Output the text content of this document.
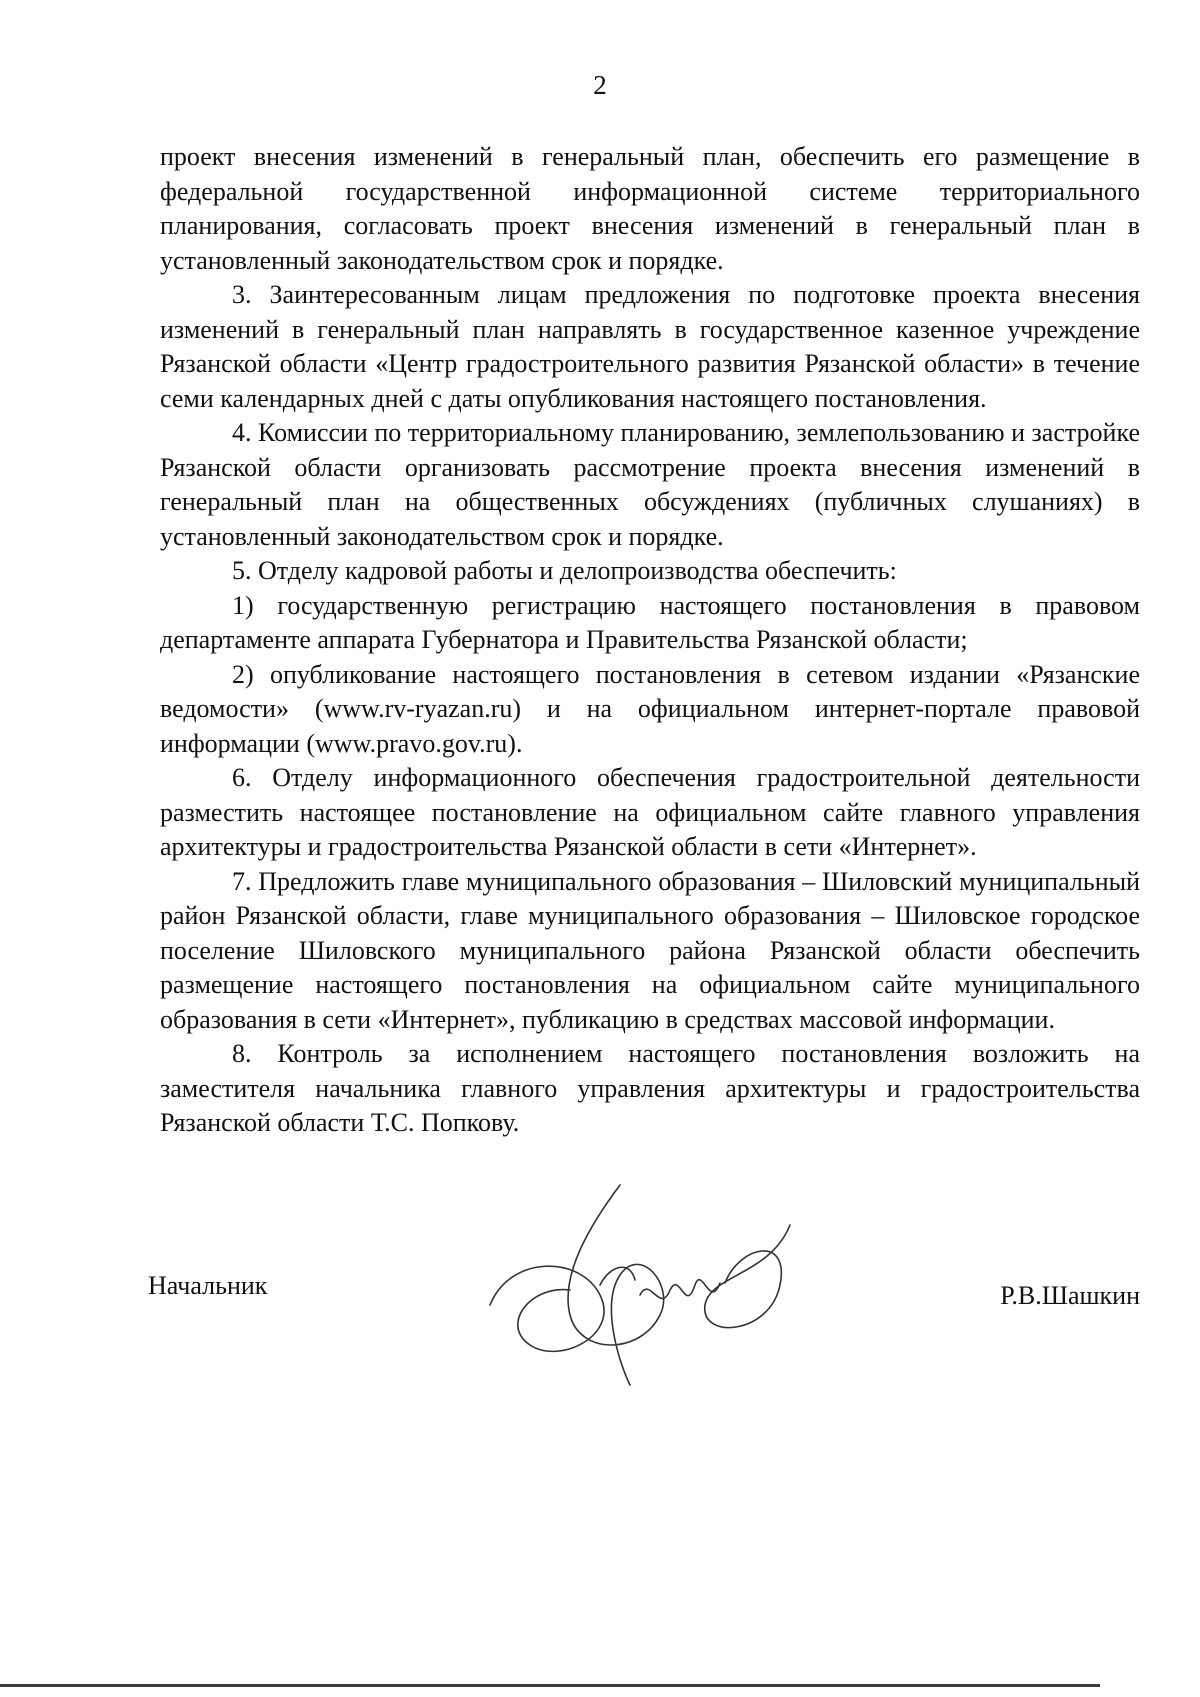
2

проект внесения изменений в генеральный план, обеспечить его размещение в федеральной государственной информационной системе территориального планирования, согласовать проект внесения изменений в генеральный план в установленный законодательством срок и порядке.

3. Заинтересованным лицам предложения по подготовке проекта внесения изменений в генеральный план направлять в государственное казенное учреждение Рязанской области «Центр градостроительного развития Рязанской области» в течение семи календарных дней с даты опубликования настоящего постановления.

4. Комиссии по территориальному планированию, землепользованию и застройке Рязанской области организовать рассмотрение проекта внесения изменений в генеральный план на общественных обсуждениях (публичных слушаниях) в установленный законодательством срок и порядке.

5. Отделу кадровой работы и делопроизводства обеспечить:

1) государственную регистрацию настоящего постановления в правовом департаменте аппарата Губернатора и Правительства Рязанской области;

2) опубликование настоящего постановления в сетевом издании «Рязанские ведомости» (www.rv-ryazan.ru) и на официальном интернет-портале правовой информации (www.pravo.gov.ru).

6. Отделу информационного обеспечения градостроительной деятельности разместить настоящее постановление на официальном сайте главного управления архитектуры и градостроительства Рязанской области в сети «Интернет».

7. Предложить главе муниципального образования – Шиловский муниципальный район Рязанской области, главе муниципального образования – Шиловское городское поселение Шиловского муниципального района Рязанской области обеспечить размещение настоящего постановления на официальном сайте муниципального образования в сети «Интернет», публикацию в средствах массовой информации.

8. Контроль за исполнением настоящего постановления возложить на заместителя начальника главного управления архитектуры и градостроительства Рязанской области Т.С. Попкову.

Начальник	Р.В.Шашкин
